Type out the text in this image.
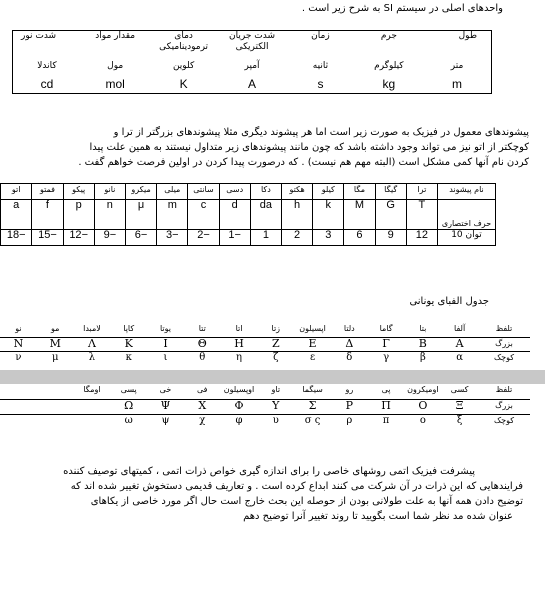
واحدهای اصلی در سیستم SI به شرح زیر است .
طول	جرم	زمان	شدت جریان الکتریکی	دمای ترمودینامیکی	مقدار مواد	شدت نور
متر	کیلوگرم	ثانیه	آمپر	کلوین	مول	کاندلا
m	kg	s	A	K	mol	cd
پیشوندهای معمول در فیزیک به صورت زیر است اما هر پیشوند دیگری مثلا پیشوندهای بزرگتر از ترا و
کوچکتر از اتو نیز می تواند وجود داشته باشد که چون مانند پیشوندهای زیر متداول نیستند به همین علت پیدا
کردن نام آنها کمی مشکل است (البته مهم هم نیست) . که درصورت پیدا کردن در اولین فرصت خواهم گفت .
نام پیشوند	ترا	گیگا	مگا	کیلو	هکتو	دکا	دسی	سانتی	میلی	میکرو	نانو	پیکو	فمتو	اتو
حرف اختصاری	T	G	M	k	h	da	d	c	m	μ	n	p	f	a
توان 10	12	9	6	3	2	1	−1	−2	−3	−6	−9	−12	−15	−18
جدول الفبای یونانی
تلفظ	آلفا	بتا	گاما	دلتا	اپسیلون	زتا	اتا	تتا	یوتا	کاپا	لامبدا	مو	نو
بزرگ	Α	Β	Γ	Δ	Ε	Ζ	Η	Θ	Ι	Κ	Λ	Μ	Ν
کوچک	α	β	γ	δ	ε	ζ	η	θ	ι	κ	λ	μ	ν
تلفظ	کسی	اومیکرون	پی	رو	سیگما	تاو	اوپسیلون	فی	خی	پسی	اومگا		
بزرگ	Ξ	Ο	Π	Ρ	Σ	Υ	Φ	Χ	Ψ	Ω			
کوچک	ξ	ο	π	ρ	σ ς	υ	φ	χ	ψ	ω			
پیشرفت فیزیک اتمی روشهای خاصی را برای اندازه گیری خواص ذرات اتمی ، کمیتهای توصیف کننده
فرایندهایی که این ذرات در آن شرکت می کنند ابداع کرده است . و تعاریف قدیمی دستخوش تغییر شده اند که
توضیح دادن همه آنها به علت طولانی بودن از حوصله این بحث خارج است حال اگر مورد خاصی از یکاهای
عنوان شده مد نظر شما است بگویید تا روند تغییر آنرا توضیح دهم
